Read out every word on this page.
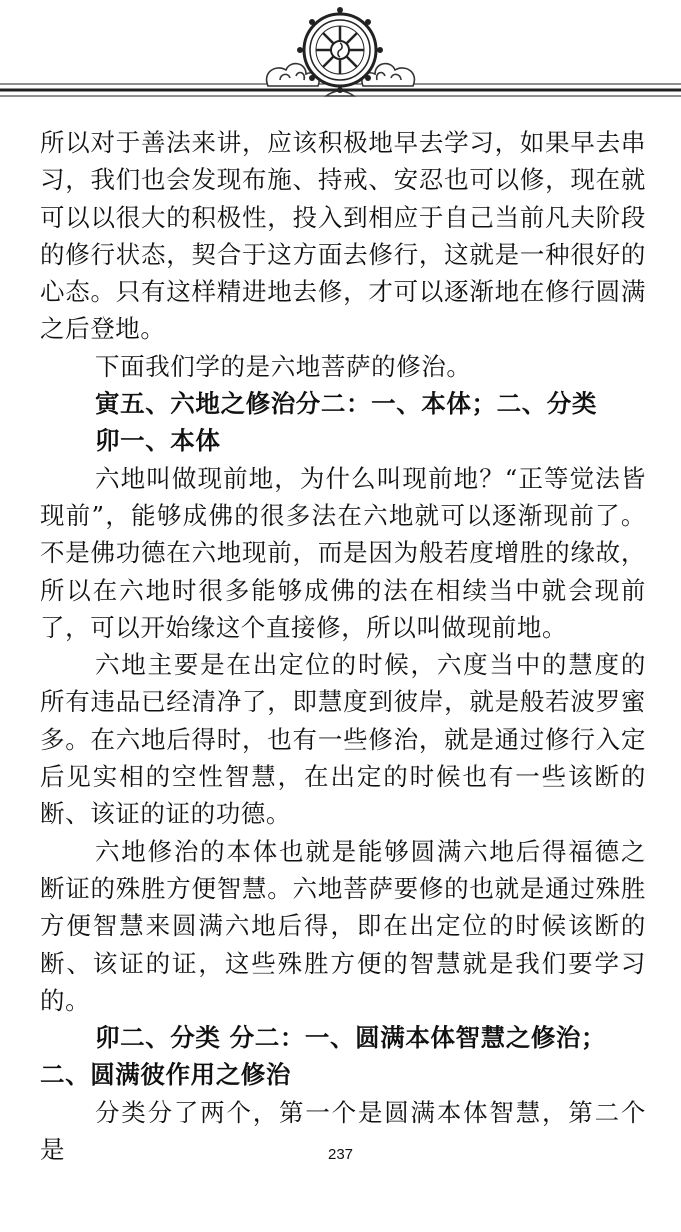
所以对于善法来讲，应该积极地早去学习，如果早去串习，我们也会发现布施、持戒、安忍也可以修，现在就可以以很大的积极性，投入到相应于自己当前凡夫阶段的修行状态，契合于这方面去修行，这就是一种很好的心态。只有这样精进地去修，才可以逐渐地在修行圆满之后登地。

下面我们学的是六地菩萨的修治。

寅五、六地之修治分二：一、本体；二、分类

卯一、本体

六地叫做现前地，为什么叫现前地？“正等觉法皆现前”，能够成佛的很多法在六地就可以逐渐现前了。不是佛功德在六地现前，而是因为般若度增胜的缘故，所以在六地时很多能够成佛的法在相续当中就会现前了，可以开始缘这个直接修，所以叫做现前地。

六地主要是在出定位的时候，六度当中的慧度的所有违品已经清净了，即慧度到彼岸，就是般若波罗蜜多。在六地后得时，也有一些修治，就是通过修行入定后见实相的空性智慧，在出定的时候也有一些该断的断、该证的证的功德。

六地修治的本体也就是能够圆满六地后得福德之断证的殊胜方便智慧。六地菩萨要修的也就是通过殊胜方便智慧来圆满六地后得，即在出定位的时候该断的断、该证的证，这些殊胜方便的智慧就是我们要学习的。

卯二、分类 分二：一、圆满本体智慧之修治；二、圆满彼作用之修治

分类分了两个，第一个是圆满本体智慧，第二个是	237
